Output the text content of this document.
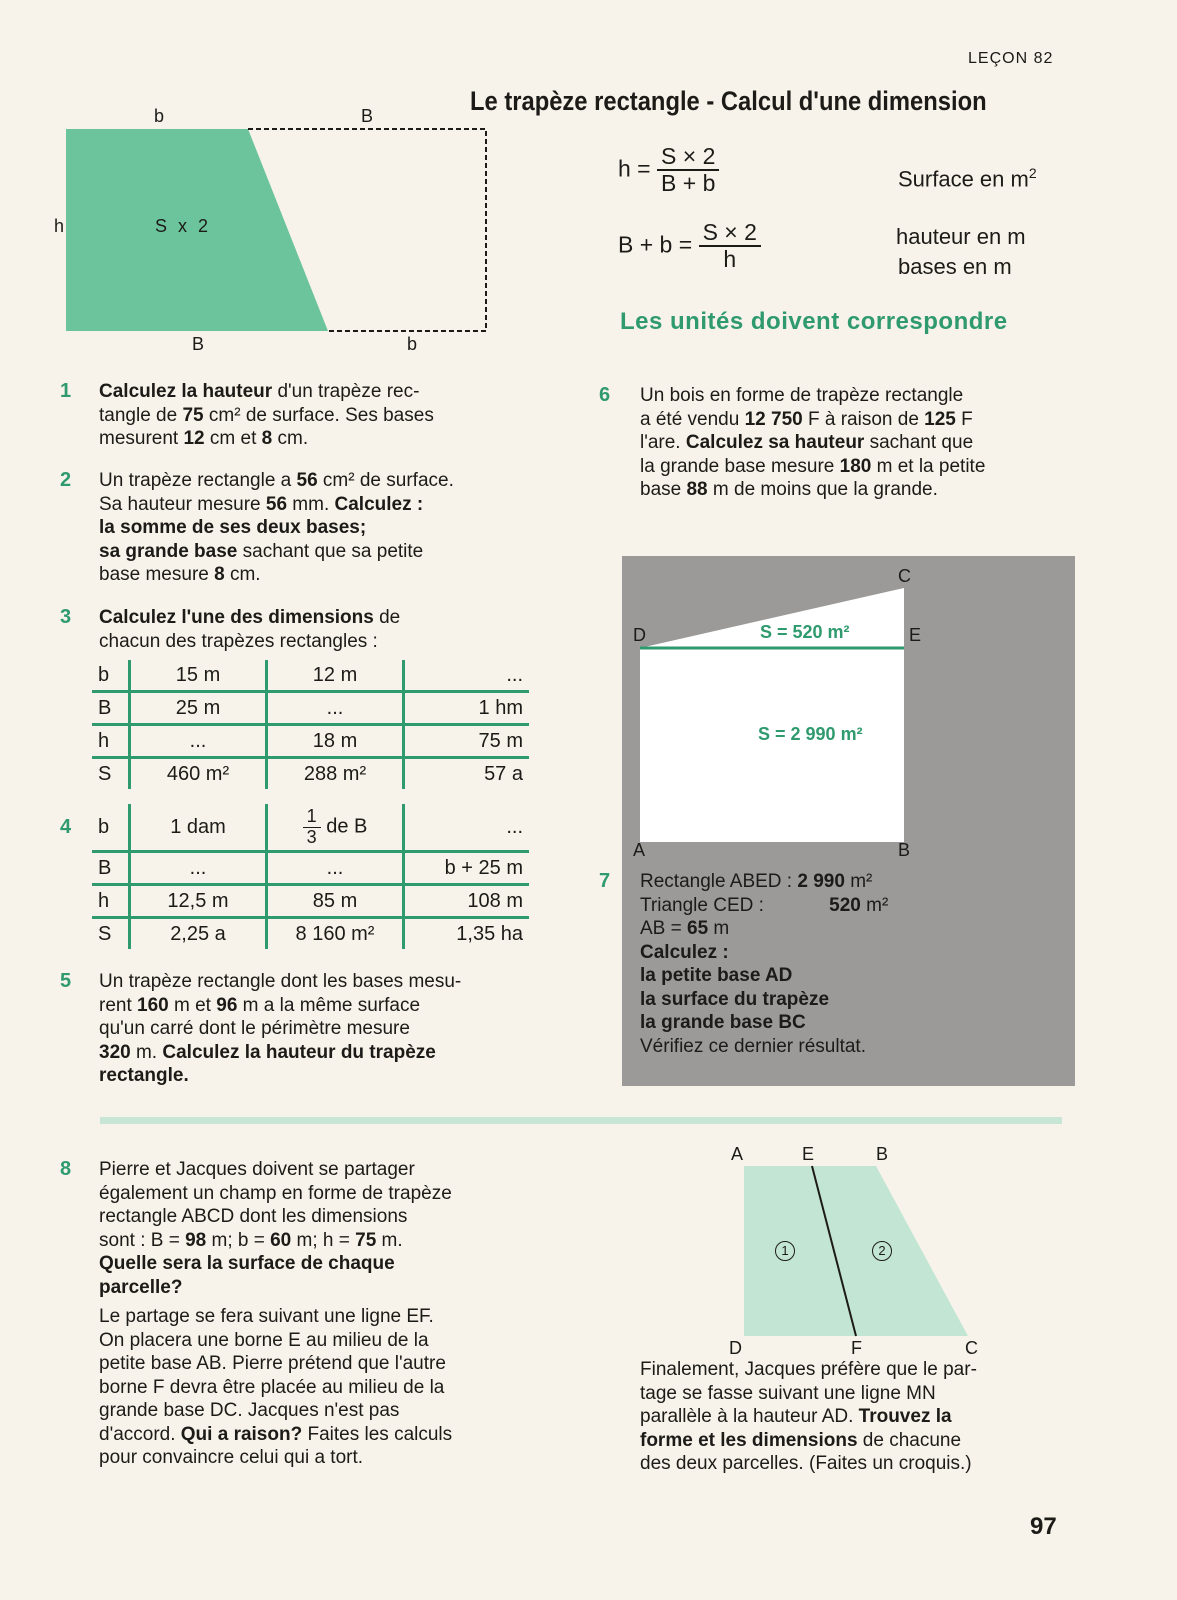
LEÇON 82
Le trapèze rectangle - Calcul d'une dimension
b	B
h	S x 2
B	b
$h = \frac{S \times 2}{B + b}$
$B + b = \frac{S \times 2}{h}$
Surface en $m^2$
hauteur en m
bases en m
Les unités doivent correspondre
1 Calculez la hauteur d'un trapèze rec-
tangle de 75 cm² de surface. Ses bases
mesurent 12 cm et 8 cm.
2 Un trapèze rectangle a 56 cm² de surface.
Sa hauteur mesure 56 mm. Calculez :
la somme de ses deux bases;
sa grande base sachant que sa petite
base mesure 8 cm.
3 Calculez l'une des dimensions de
chacun des trapèzes rectangles :
b	15 m	12 m	...
B	25 m	...	1 hm
h	...	18 m	75 m
S	460 m²	288 m²	57 a
4 b	1 dam	$\frac{1}{3}$ de B	...
B	...	...	b + 25 m
h	12,5 m	85 m	108 m
S	2,25 a	8 160 m²	1,35 ha
5 Un trapèze rectangle dont les bases mesu-
rent 160 m et 96 m a la même surface
qu'un carré dont le périmètre mesure
320 m. Calculez la hauteur du trapèze
rectangle.
6 Un bois en forme de trapèze rectangle
a été vendu 12 750 F à raison de 125 F
l'are. Calculez sa hauteur sachant que
la grande base mesure 180 m et la petite
base 88 m de moins que la grande.
C
D	E
A	B
S = 520 m²
S = 2 990 m²
7 Rectangle ABED : 2 990 m²
Triangle CED :	520 m²
AB = 65 m
Calculez :
la petite base AD
la surface du trapèze
la grande base BC
Vérifiez ce dernier résultat.
8 Pierre et Jacques doivent se partager
également un champ en forme de trapèze
rectangle ABCD dont les dimensions
sont : B = 98 m; b = 60 m; h = 75 m.
Quelle sera la surface de chaque
parcelle?
Le partage se fera suivant une ligne EF.
On placera une borne E au milieu de la
petite base AB. Pierre prétend que l'autre
borne F devra être placée au milieu de la
grande base DC. Jacques n'est pas
d'accord. Qui a raison? Faites les calculs
pour convaincre celui qui a tort.
A	E	B
D	F	C
1	2
Finalement, Jacques préfère que le par-
tage se fasse suivant une ligne MN
parallèle à la hauteur AD. Trouvez la
forme et les dimensions de chacune
des deux parcelles. (Faites un croquis.)
97
